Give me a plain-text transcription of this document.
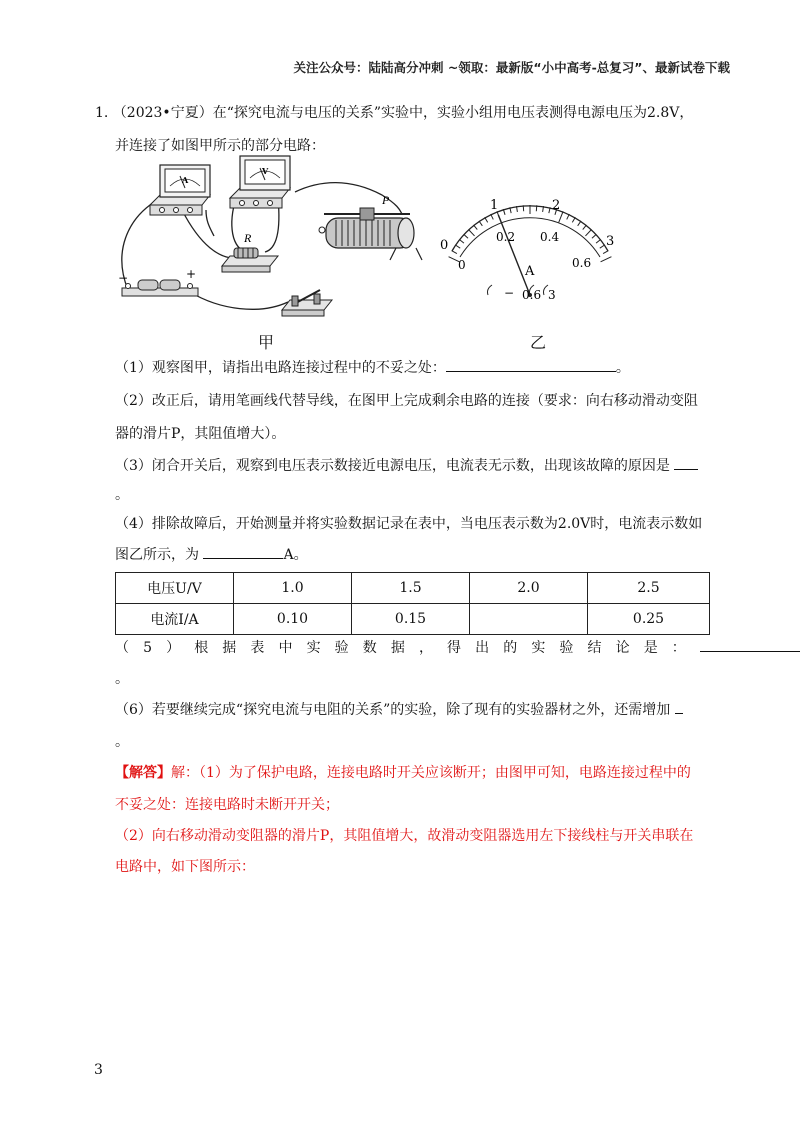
关注公众号：陆陆高分冲刺 ~领取：最新版“小中高考-总复习”、最新试卷下载
1. （2023•宁夏）在“探究电流与电压的关系”实验中，实验小组用电压表测得电源电压为2.8V，
并连接了如图甲所示的部分电路：
A
V
R
P
−	+
0
1	2
3
0
0.2 0.4
0.6
A
− 0.6 3
甲	乙
（1）观察图甲，请指出电路连接过程中的不妥之处：	。
（2）改正后，请用笔画线代替导线，在图甲上完成剩余电路的连接（要求：向右移动滑动变阻
器的滑片P，其阻值增大）。
（3）闭合开关后，观察到电压表示数接近电源电压，电流表无示数，出现该故障的原因是
。
（4）排除故障后，开始测量并将实验数据记录在表中，当电压表示数为2.0V时，电流表示数如
图乙所示，为	A。
电压U/V	1.0	1.5	2.0	2.5
电流I/A	0.10	0.15		0.25
（ 5 ） 根 据 表 中 实 验 数 据 ， 得 出 的 实 验 结 论 是 ：
。
（6）若要继续完成“探究电流与电阻的关系”的实验，除了现有的实验器材之外，还需增加
。
【解答】解：（1）为了保护电路，连接电路时开关应该断开；由图甲可知，电路连接过程中的
不妥之处：连接电路时未断开开关；
（2）向右移动滑动变阻器的滑片P，其阻值增大，故滑动变阻器选用左下接线柱与开关串联在
电路中，如下图所示：
3
